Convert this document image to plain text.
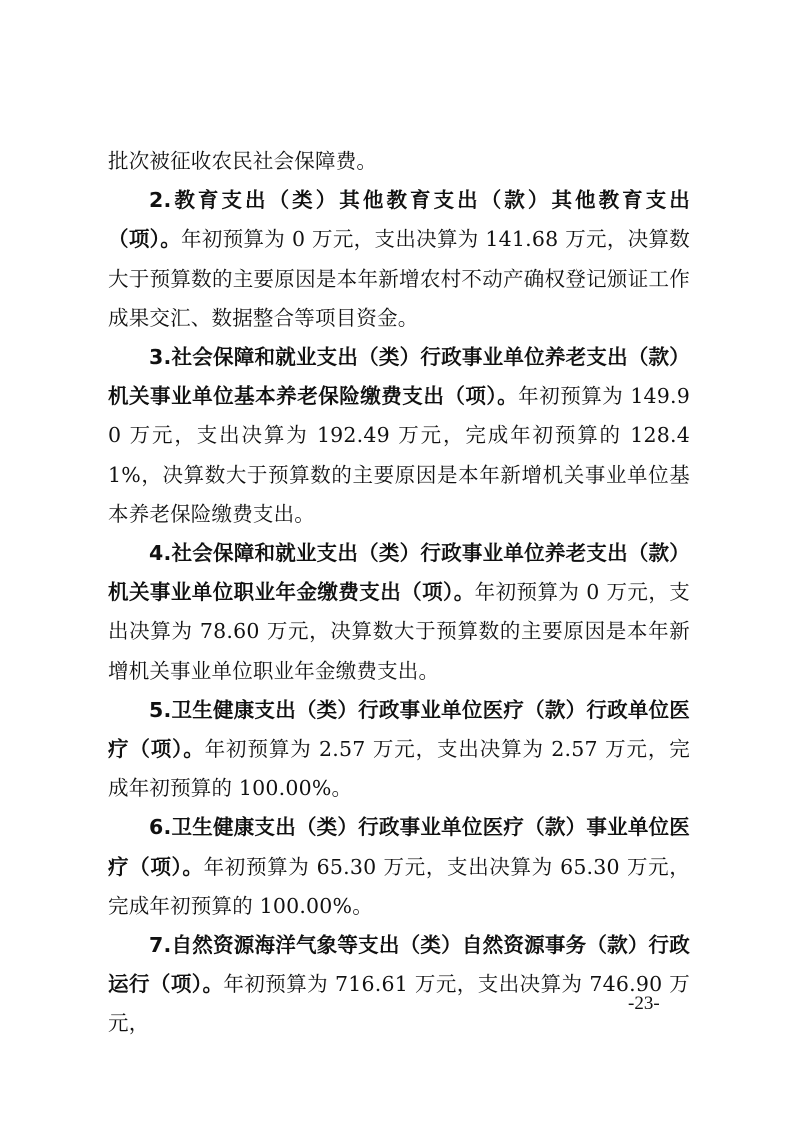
批次被征收农民社会保障费。

2.教育支出（类）其他教育支出（款）其他教育支出（项）。年初预算为 0 万元，支出决算为 141.68 万元，决算数大于预算数的主要原因是本年新增农村不动产确权登记颁证工作成果交汇、数据整合等项目资金。

3.社会保障和就业支出（类）行政事业单位养老支出（款）机关事业单位基本养老保险缴费支出（项）。年初预算为 149.90 万元，支出决算为 192.49 万元，完成年初预算的 128.41%，决算数大于预算数的主要原因是本年新增机关事业单位基本养老保险缴费支出。

4.社会保障和就业支出（类）行政事业单位养老支出（款）机关事业单位职业年金缴费支出（项）。年初预算为 0 万元，支出决算为 78.60 万元，决算数大于预算数的主要原因是本年新增机关事业单位职业年金缴费支出。

5.卫生健康支出（类）行政事业单位医疗（款）行政单位医疗（项）。年初预算为 2.57 万元，支出决算为 2.57 万元，完成年初预算的 100.00%。

6.卫生健康支出（类）行政事业单位医疗（款）事业单位医疗（项）。年初预算为 65.30 万元，支出决算为 65.30 万元，完成年初预算的 100.00%。

7.自然资源海洋气象等支出（类）自然资源事务（款）行政运行（项）。年初预算为 716.61 万元，支出决算为 746.90 万元，

-23-
